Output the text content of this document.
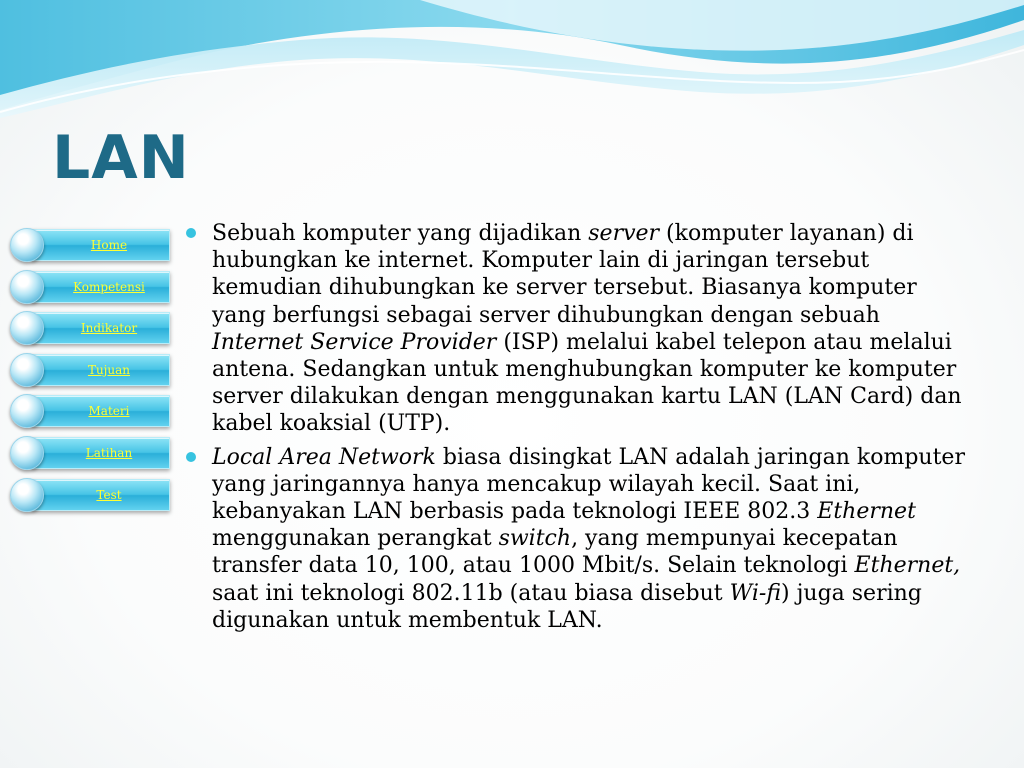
LAN
Home
Kompetensi
Indikator
Tujuan
Materi
Latihan
Test
Sebuah komputer yang dijadikan server (komputer layanan) di hubungkan ke internet. Komputer lain di jaringan tersebut kemudian dihubungkan ke server tersebut. Biasanya komputer yang berfungsi sebagai server dihubungkan dengan sebuah Internet Service Provider (ISP) melalui kabel telepon atau melalui antena. Sedangkan untuk menghubungkan komputer ke komputer server dilakukan dengan menggunakan kartu LAN (LAN Card) dan kabel koaksial (UTP).
Local Area Network biasa disingkat LAN adalah jaringan komputer yang jaringannya hanya mencakup wilayah kecil. Saat ini, kebanyakan LAN berbasis pada teknologi IEEE 802.3 Ethernet menggunakan perangkat switch, yang mempunyai kecepatan transfer data 10, 100, atau 1000 Mbit/s. Selain teknologi Ethernet, saat ini teknologi 802.11b (atau biasa disebut Wi-fi) juga sering digunakan untuk membentuk LAN.
